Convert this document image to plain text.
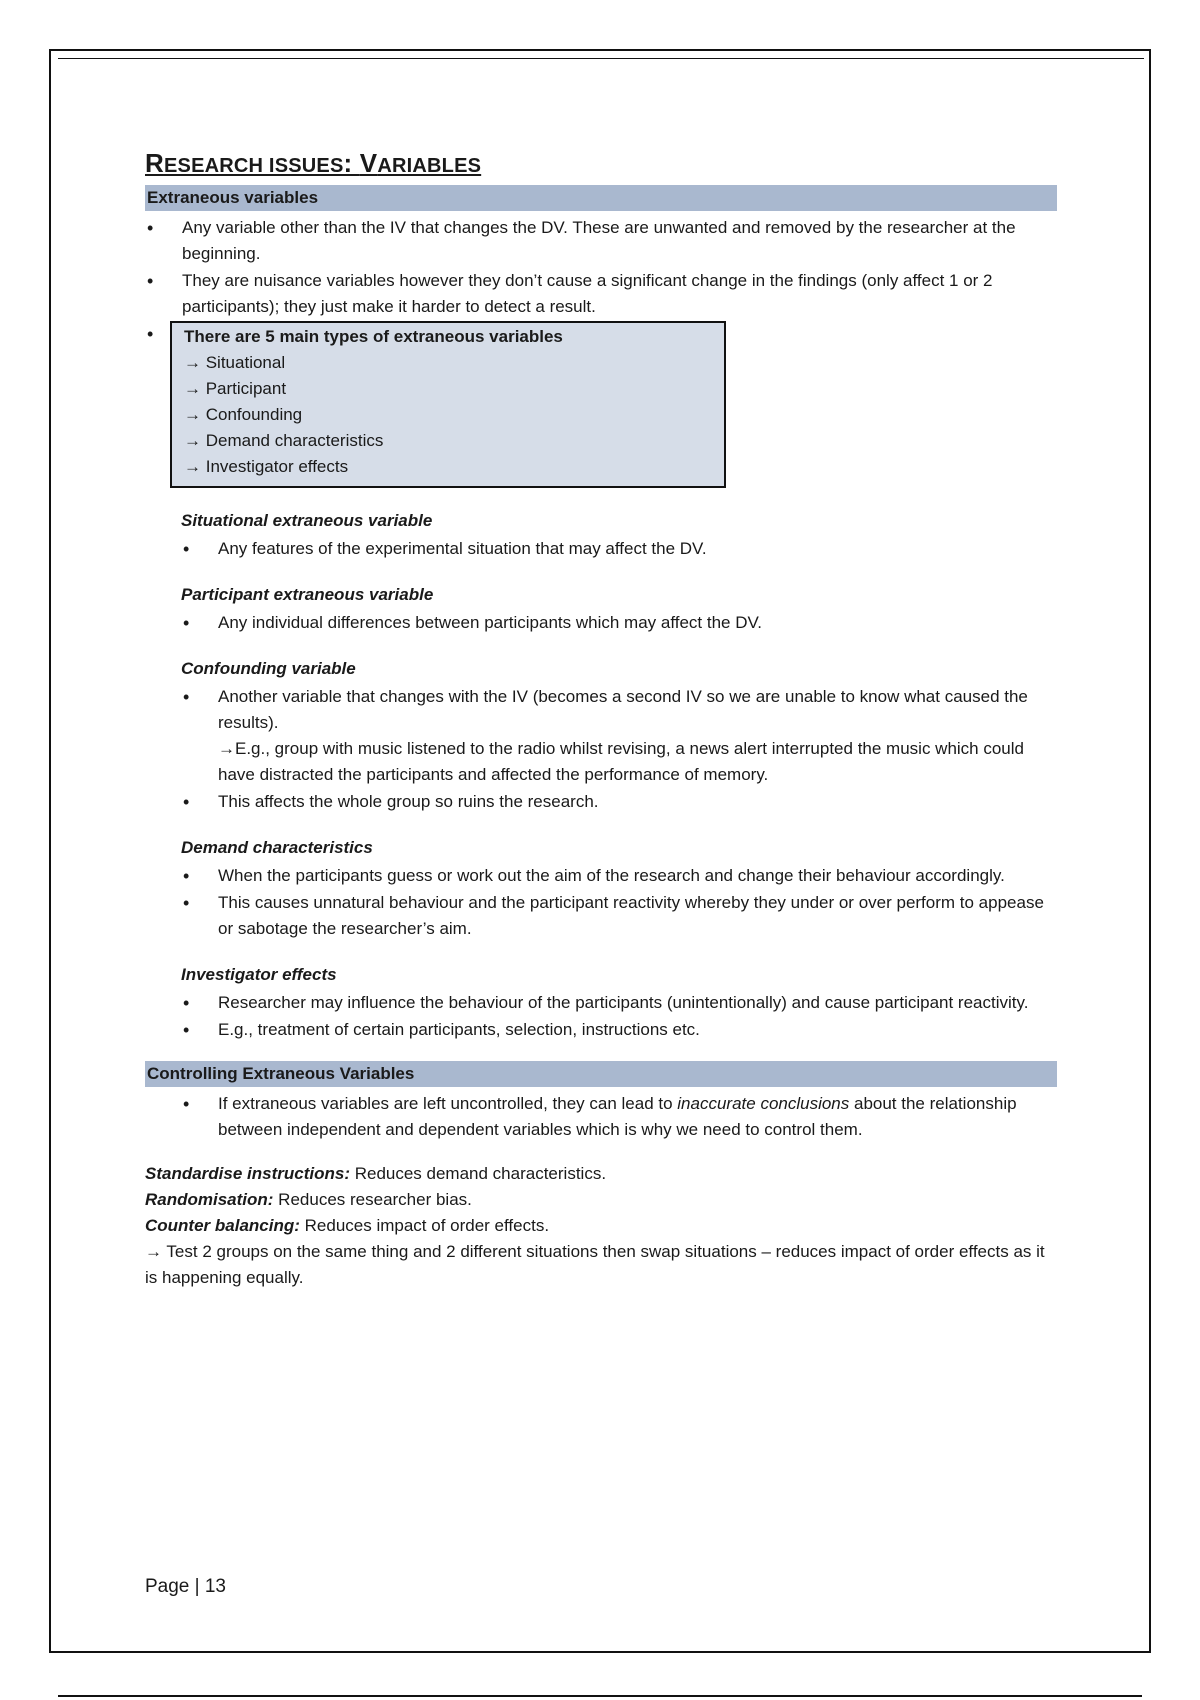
RESEARCH ISSUES: VARIABLES
Extraneous variables
• Any variable other than the IV that changes the DV. These are unwanted and removed by the researcher at the beginning.
• They are nuisance variables however they don’t cause a significant change in the findings (only affect 1 or 2 participants); they just make it harder to detect a result.
• There are 5 main types of extraneous variables
→ Situational
→ Participant
→ Confounding
→ Demand characteristics
→ Investigator effects
Situational extraneous variable
• Any features of the experimental situation that may affect the DV.
Participant extraneous variable
• Any individual differences between participants which may affect the DV.
Confounding variable
• Another variable that changes with the IV (becomes a second IV so we are unable to know what caused the results).
→E.g., group with music listened to the radio whilst revising, a news alert interrupted the music which could have distracted the participants and affected the performance of memory.
• This affects the whole group so ruins the research.
Demand characteristics
• When the participants guess or work out the aim of the research and change their behaviour accordingly.
• This causes unnatural behaviour and the participant reactivity whereby they under or over perform to appease or sabotage the researcher’s aim.
Investigator effects
• Researcher may influence the behaviour of the participants (unintentionally) and cause participant reactivity.
• E.g., treatment of certain participants, selection, instructions etc.
Controlling Extraneous Variables
• If extraneous variables are left uncontrolled, they can lead to inaccurate conclusions about the relationship between independent and dependent variables which is why we need to control them.
Standardise instructions: Reduces demand characteristics.
Randomisation: Reduces researcher bias.
Counter balancing: Reduces impact of order effects.
→ Test 2 groups on the same thing and 2 different situations then swap situations – reduces impact of order effects as it is happening equally.
Page | 13
